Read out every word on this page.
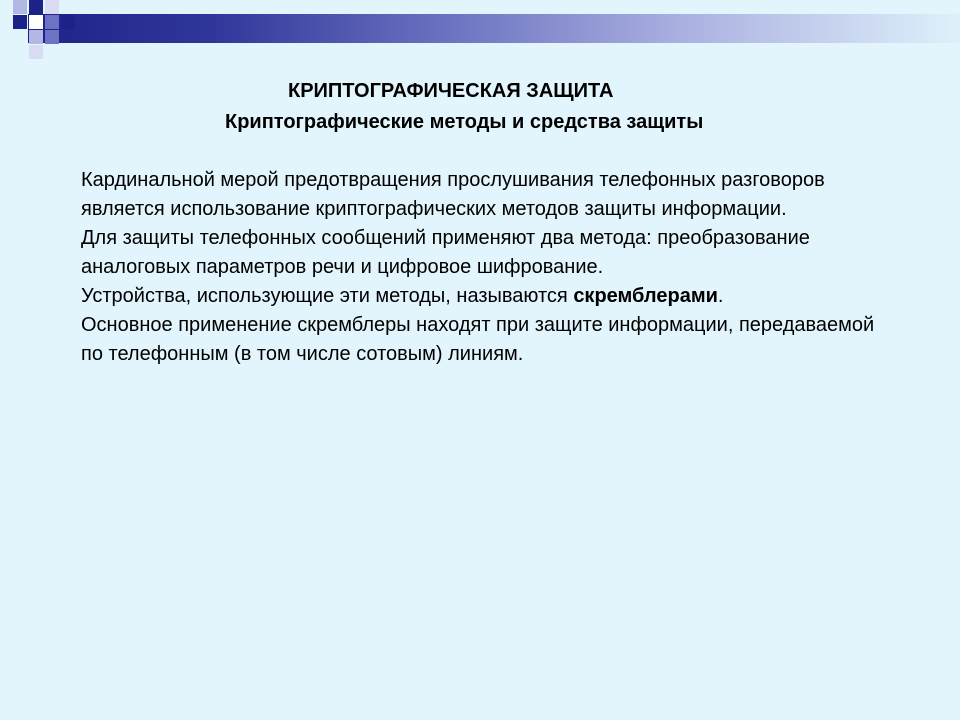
КРИПТОГРАФИЧЕСКАЯ ЗАЩИТА
Криптографические методы и средства защиты

Кардинальной мерой предотвращения прослушивания телефонных разговоров является использование криптографических методов защиты информации.

Для защиты телефонных сообщений применяют два метода: преобразование аналоговых параметров речи и цифровое шифрование.

Устройства, использующие эти методы, называются скремблерами.

Основное применение скремблеры находят при защите информации, передаваемой по телефонным (в том числе сотовым) линиям.
